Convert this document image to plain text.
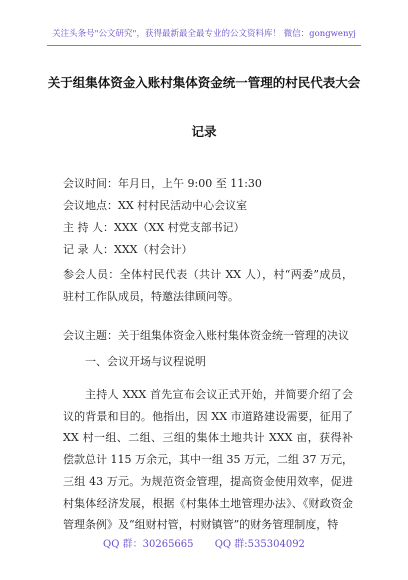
关注头条号"公文研究"，获得最新最全最专业的公文资料库！ 微信：gongwenyj
关于组集体资金入账村集体资金统一管理的村民代表大会
记录
会议时间：年月日，上午 9:00 至 11:30
会议地点：XX 村村民活动中心会议室
主 持 人：XXX（XX 村党支部书记）
记 录 人：XXX（村会计）
参会人员：全体村民代表（共计 XX 人），村“两委”成员，驻村工作队成员，特邀法律顾问等。
会议主题：关于组集体资金入账村集体资金统一管理的决议
一、会议开场与议程说明
主持人 XXX 首先宣布会议正式开始，并简要介绍了会议的背景和目的。他指出，因 XX 市道路建设需要，征用了 XX 村一组、二组、三组的集体土地共计 XXX 亩，获得补偿款总计 115 万余元，其中一组 35 万元，二组 37 万元，三组 43 万元。为规范资金管理，提高资金使用效率，促进村集体经济发展，根据《村集体土地管理办法》、《财政资金管理条例》及“组财村管，村财镇管”的财务管理制度，特
QQ 群：30265665 QQ 群:535304092
